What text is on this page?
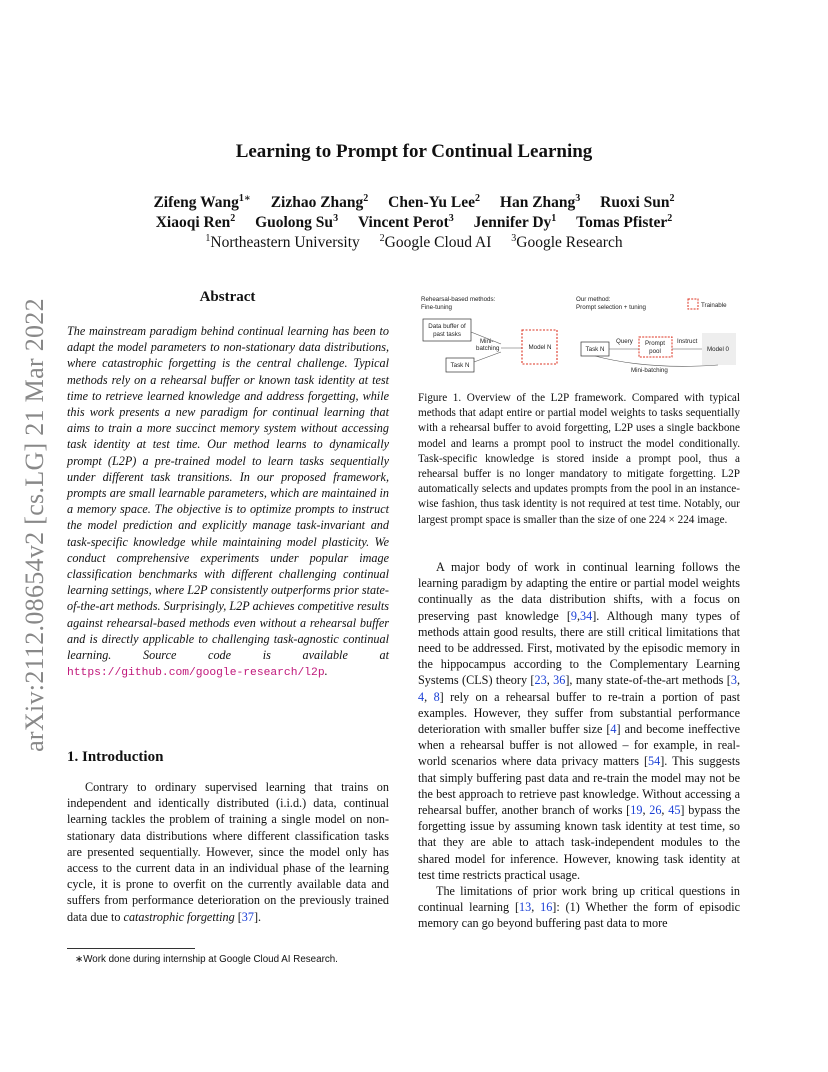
Learning to Prompt for Continual Learning
Zifeng Wang$^{1∗}$ Zizhao Zhang$^2$ Chen-Yu Lee$^2$ Han Zhang$^3$ Ruoxi Sun$^2$
Xiaoqi Ren$^2$ Guolong Su$^3$ Vincent Perot$^3$ Jennifer Dy$^1$ Tomas Pfister$^2$
$^1$Northeastern University $^2$Google Cloud AI $^3$Google Research
arXiv:2112.08654v2 [cs.LG] 21 Mar 2022
Abstract
The mainstream paradigm behind continual learning has been to adapt the model parameters to non-stationary data distributions, where catastrophic forgetting is the central challenge. Typical methods rely on a rehearsal buffer or known task identity at test time to retrieve learned knowledge and address forgetting, while this work presents a new paradigm for continual learning that aims to train a more succinct memory system without accessing task identity at test time. Our method learns to dynamically prompt (L2P) a pre-trained model to learn tasks sequentially under different task transitions. In our proposed framework, prompts are small learnable parameters, which are maintained in a memory space. The objective is to optimize prompts to instruct the model prediction and explicitly manage task-invariant and task-specific knowledge while maintaining model plasticity. We conduct comprehensive experiments under popular image classification benchmarks with different challenging continual learning settings, where L2P consistently outperforms prior state-of-the-art methods. Surprisingly, L2P achieves competitive results against rehearsal-based methods even without a rehearsal buffer and is directly applicable to challenging task-agnostic continual learning. Source code is available at https://github.com/google-research/l2p.
1. Introduction
Contrary to ordinary supervised learning that trains on independent and identically distributed (i.i.d.) data, continual learning tackles the problem of training a single model on non-stationary data distributions where different classification tasks are presented sequentially. However, since the model only has access to the current data in an individual phase of the learning cycle, it is prone to overfit on the currently available data and suffers from performance deterioration on the previously trained data due to catastrophic forgetting [37].
∗Work done during internship at Google Cloud AI Research.
Rehearsal-based methods:
Fine-tuning
Data buffer of
past tasks
Mini-
batching
Task N
Model N
Our method:
Prompt selection + tuning	Trainable
Task N
Query Prompt
pool
Instruct
Model 0
Mini-batching
Figure 1. Overview of the L2P framework. Compared with typical methods that adapt entire or partial model weights to tasks sequentially with a rehearsal buffer to avoid forgetting, L2P uses a single backbone model and learns a prompt pool to instruct the model conditionally. Task-specific knowledge is stored inside a prompt pool, thus a rehearsal buffer is no longer mandatory to mitigate forgetting. L2P automatically selects and updates prompts from the pool in an instance-wise fashion, thus task identity is not required at test time. Notably, our largest prompt space is smaller than the size of one 224 × 224 image.

A major body of work in continual learning follows the learning paradigm by adapting the entire or partial model weights continually as the data distribution shifts, with a focus on preserving past knowledge [9,34]. Although many types of methods attain good results, there are still critical limitations that need to be addressed. First, motivated by the episodic memory in the hippocampus according to the Complementary Learning Systems (CLS) theory [23, 36], many state-of-the-art methods [3, 4, 8] rely on a rehearsal buffer to re-train a portion of past examples. However, they suffer from substantial performance deterioration with smaller buffer size [4] and become ineffective when a rehearsal buffer is not allowed – for example, in real-world scenarios where data privacy matters [54]. This suggests that simply buffering past data and re-train the model may not be the best approach to retrieve past knowledge. Without accessing a rehearsal buffer, another branch of works [19, 26, 45] bypass the forgetting issue by assuming known task identity at test time, so that they are able to attach task-independent modules to the shared model for inference. However, knowing task identity at test time restricts practical usage.

The limitations of prior work bring up critical questions in continual learning [13, 16]: (1) Whether the form of episodic memory can go beyond buffering past data to more
